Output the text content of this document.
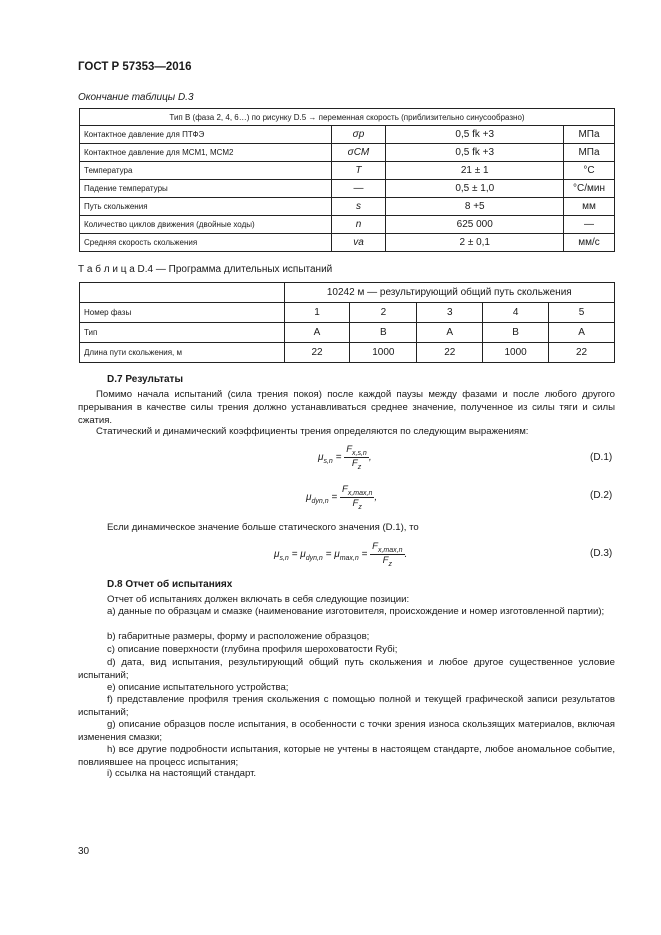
ГОСТ Р 57353—2016
Окончание таблицы D.3
Тип В (фаза 2, 4, 6…) по рисунку D.5 → переменная скорость (приблизительно синусообразно)			
Контактное давление для ПТФЭ	σp	0,5 fk +3	МПа
Контактное давление для МСМ1, МСМ2	σCM	0,5 fk +3	МПа
Температура	T	21 ± 1	°C
Падение температуры	—	0,5 ± 1,0	°С/мин
Путь скольжения	s	8 +5	мм
Количество циклов движения (двойные ходы)	n	625 000	—
Средняя скорость скольжения	va	2 ± 0,1	мм/с
Т а б л и ц а D.4 — Программа длительных испытаний
	10242 м — результирующий общий путь скольжения				
Номер фазы	1	2	3	4	5
Тип	A	B	A	B	A
Длина пути скольжения, м	22	1000	22	1000	22
D.7 Результаты
Помимо начала испытаний (сила трения покоя) после каждой паузы между фазами и после любого другого прерывания в качестве силы трения должно устанавливаться среднее значение, полученное из силы тяги и силы сжатия.
Статический и динамический коэффициенты трения определяются по следующим выражениям:
$\mu_{s,n} = \frac{F_{x,s,n}}{F_z}$ ,	(D.1)
$\mu_{dyn,n} = \frac{F_{x,max,n}}{F_z}$ ,	(D.2)
Если динамическое значение больше статического значения (D.1), то
$\mu_{s,n} = \mu_{dyn,n} = \mu_{max,n} = \frac{F_{x,max,n}}{F_z}$ .	(D.3)
D.8 Отчет об испытаниях
Отчет об испытаниях должен включать в себя следующие позиции:
а) данные по образцам и смазке (наименование изготовителя, происхождение и номер изготовленной партии);
b) габаритные размеры, форму и расположение образцов;
c) описание поверхности (глубина профиля шероховатости Ryбi;
d) дата, вид испытания, результирующий общий путь скольжения и любое другое существенное условие испытаний;
e) описание испытательного устройства;
f) представление профиля трения скольжения с помощью полной и текущей графической записи результатов испытаний;
g) описание образцов после испытания, в особенности с точки зрения износа скользящих материалов, включая изменения смазки;
h) все другие подробности испытания, которые не учтены в настоящем стандарте, любое аномальное событие, повлиявшее на процесс испытания;
i) ссылка на настоящий стандарт.
30
